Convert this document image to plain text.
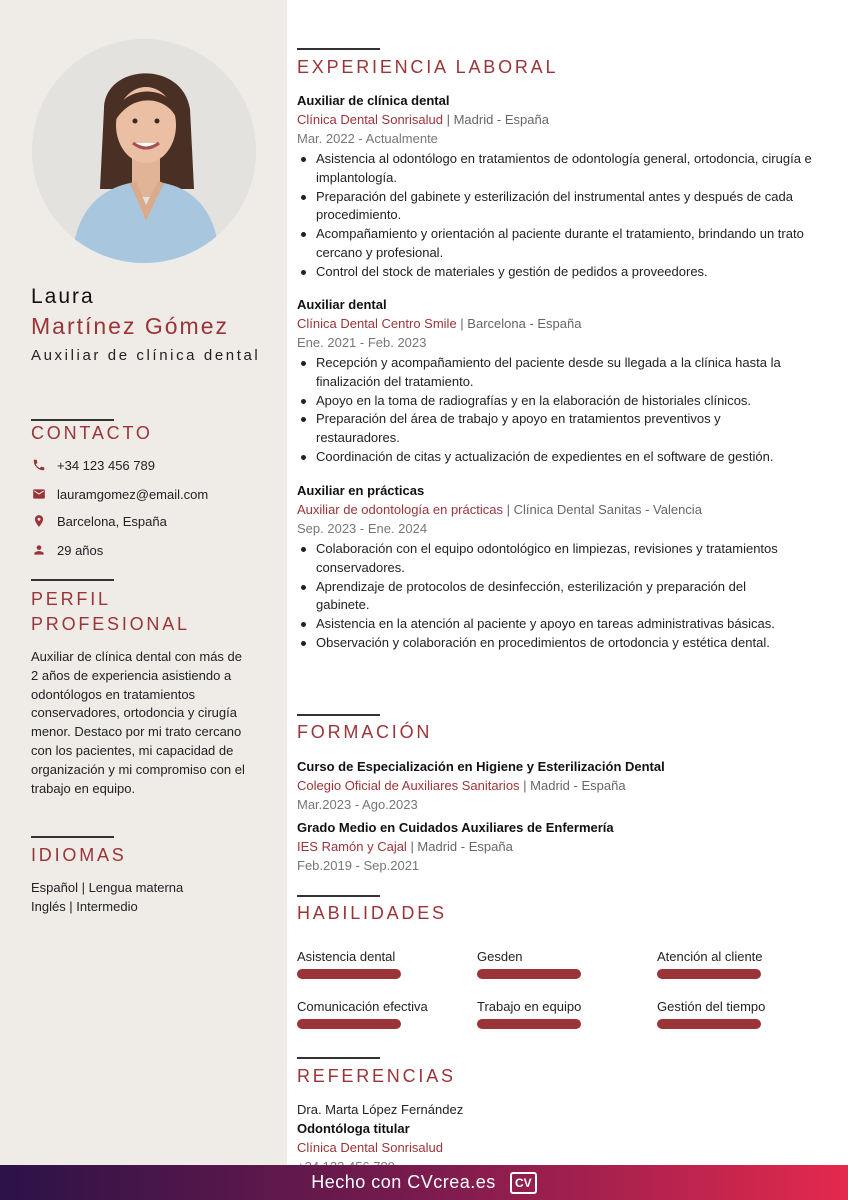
Laura
Martínez Gómez
Auxiliar de clínica dental
CONTACTO
+34 123 456 789
lauramgomez@email.com
Barcelona, España
29 años
PERFIL PROFESIONAL
Auxiliar de clínica dental con más de 2 años de experiencia asistiendo a odontólogos en tratamientos conservadores, ortodoncia y cirugía menor. Destaco por mi trato cercano con los pacientes, mi capacidad de organización y mi compromiso con el trabajo en equipo.
IDIOMAS
Español | Lengua materna
Inglés | Intermedio
EXPERIENCIA LABORAL
Auxiliar de clínica dental
Clínica Dental Sonrisalud | Madrid - España
Mar. 2022 - Actualmente
Asistencia al odontólogo en tratamientos de odontología general, ortodoncia, cirugía e implantología.
Preparación del gabinete y esterilización del instrumental antes y después de cada procedimiento.
Acompañamiento y orientación al paciente durante el tratamiento, brindando un trato cercano y profesional.
Control del stock de materiales y gestión de pedidos a proveedores.
Auxiliar dental
Clínica Dental Centro Smile | Barcelona - España
Ene. 2021 - Feb. 2023
Recepción y acompañamiento del paciente desde su llegada a la clínica hasta la finalización del tratamiento.
Apoyo en la toma de radiografías y en la elaboración de historiales clínicos.
Preparación del área de trabajo y apoyo en tratamientos preventivos y restauradores.
Coordinación de citas y actualización de expedientes en el software de gestión.
Auxiliar en prácticas
Auxiliar de odontología en prácticas | Clínica Dental Sanitas - Valencia
Sep. 2023 - Ene. 2024
Colaboración con el equipo odontológico en limpiezas, revisiones y tratamientos conservadores.
Aprendizaje de protocolos de desinfección, esterilización y preparación del gabinete.
Asistencia en la atención al paciente y apoyo en tareas administrativas básicas.
Observación y colaboración en procedimientos de ortodoncia y estética dental.
FORMACIÓN
Curso de Especialización en Higiene y Esterilización Dental
Colegio Oficial de Auxiliares Sanitarios | Madrid - España
Mar.2023 - Ago.2023
Grado Medio en Cuidados Auxiliares de Enfermería
IES Ramón y Cajal | Madrid - España
Feb.2019 - Sep.2021
HABILIDADES
Asistencia dental	Gesden	Atención al cliente
Comunicación efectiva	Trabajo en equipo	Gestión del tiempo
REFERENCIAS
Dra. Marta López Fernández
Odontóloga titular
Clínica Dental Sonrisalud
Hecho con CVcrea.es	CV
